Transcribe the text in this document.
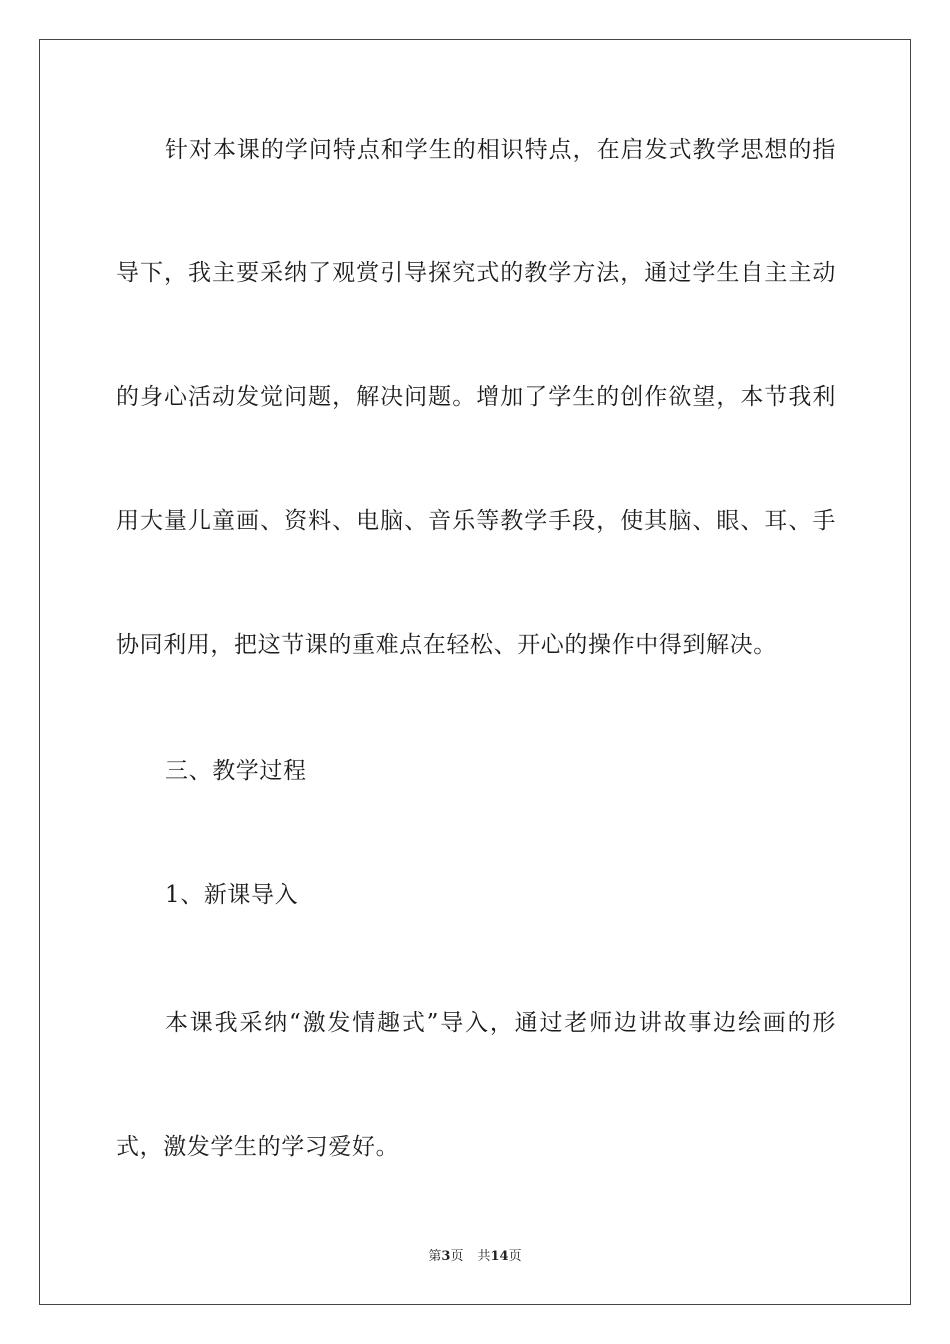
针对本课的学问特点和学生的相识特点，在启发式教学思想的指
导下，我主要采纳了观赏引导探究式的教学方法，通过学生自主主动
的身心活动发觉问题，解决问题。增加了学生的创作欲望，本节我利
用大量儿童画、资料、电脑、音乐等教学手段，使其脑、眼、耳、手
协同利用，把这节课的重难点在轻松、开心的操作中得到解决。
三、教学过程
1、新课导入
本课我采纳“激发情趣式”导入，通过老师边讲故事边绘画的形
式，激发学生的学习爱好。
第3页 共14页
